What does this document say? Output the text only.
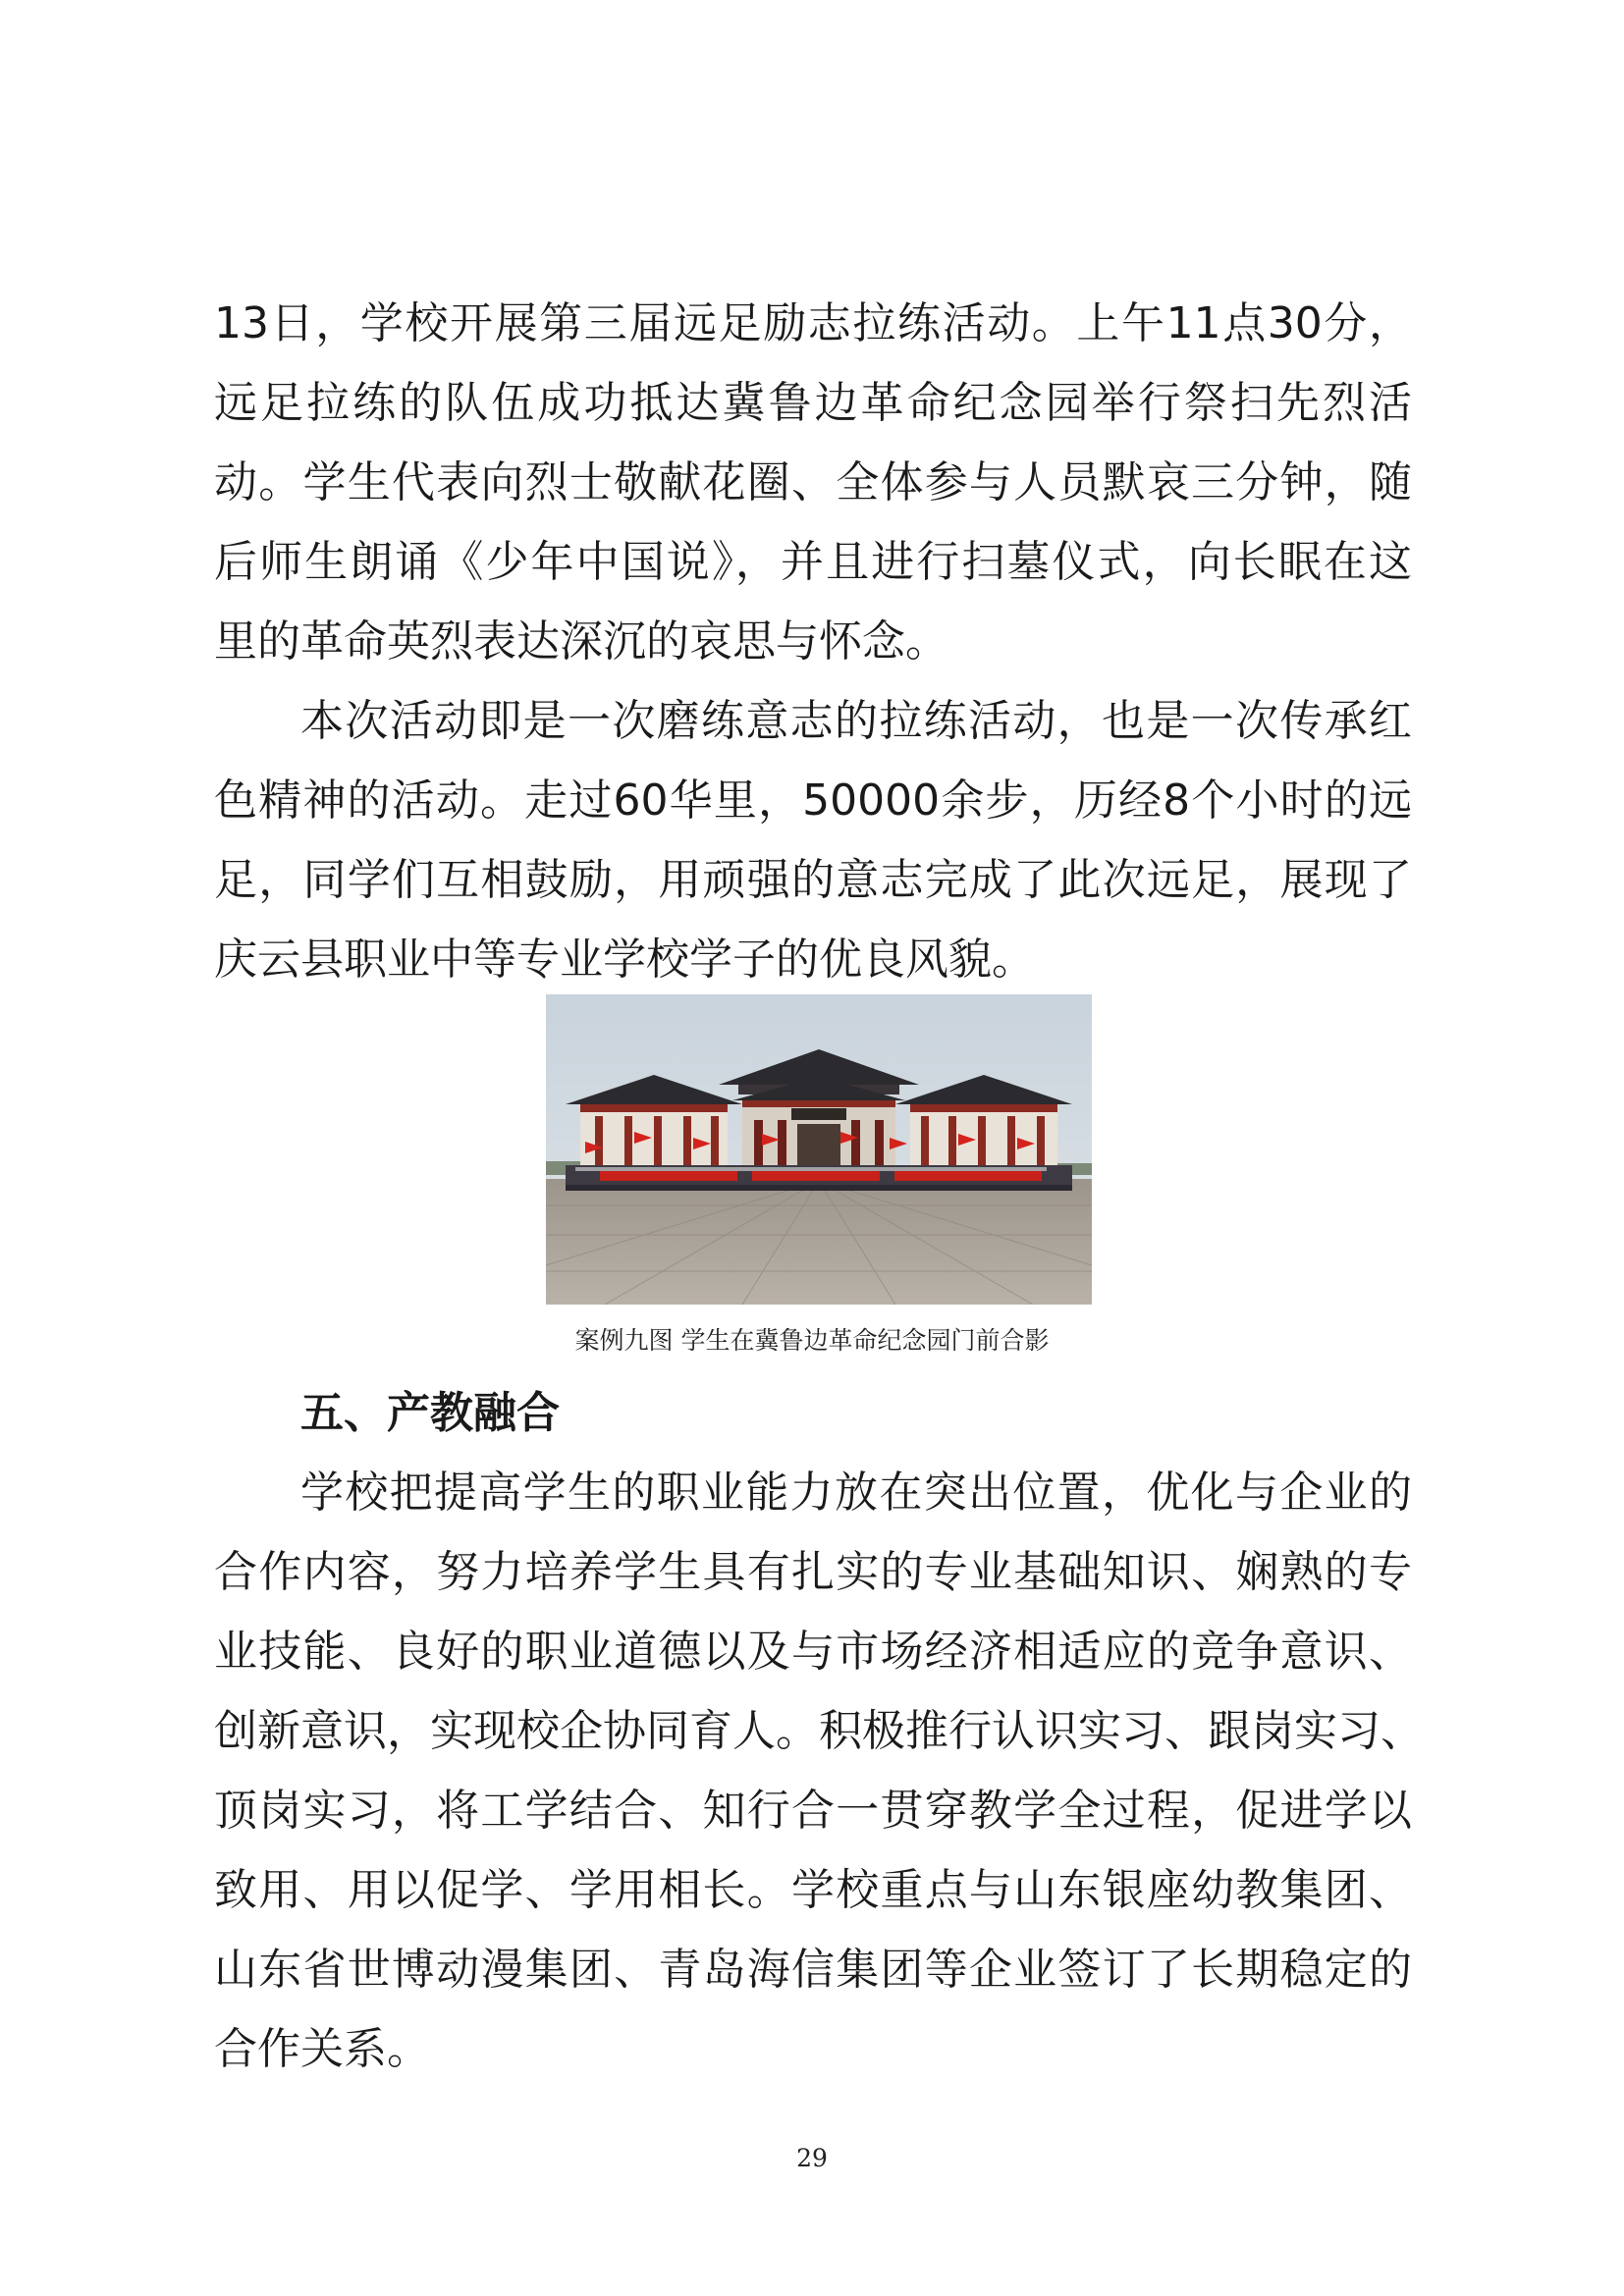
13日，学校开展第三届远足励志拉练活动。上午11点30分，
远足拉练的队伍成功抵达冀鲁边革命纪念园举行祭扫先烈活
动。学生代表向烈士敬献花圈、全体参与人员默哀三分钟，随
后师生朗诵《少年中国说》，并且进行扫墓仪式，向长眠在这
里的革命英烈表达深沉的哀思与怀念。
本次活动即是一次磨练意志的拉练活动，也是一次传承红
色精神的活动。走过60华里，50000余步，历经8个小时的远
足，同学们互相鼓励，用顽强的意志完成了此次远足，展现了
庆云县职业中等专业学校学子的优良风貌。
案例九图 学生在冀鲁边革命纪念园门前合影
五、产教融合
学校把提高学生的职业能力放在突出位置，优化与企业的
合作内容，努力培养学生具有扎实的专业基础知识、娴熟的专
业技能、良好的职业道德以及与市场经济相适应的竞争意识、
创新意识，实现校企协同育人。积极推行认识实习、跟岗实习、
顶岗实习，将工学结合、知行合一贯穿教学全过程，促进学以
致用、用以促学、学用相长。学校重点与山东银座幼教集团、
山东省世博动漫集团、青岛海信集团等企业签订了长期稳定的
合作关系。
29
